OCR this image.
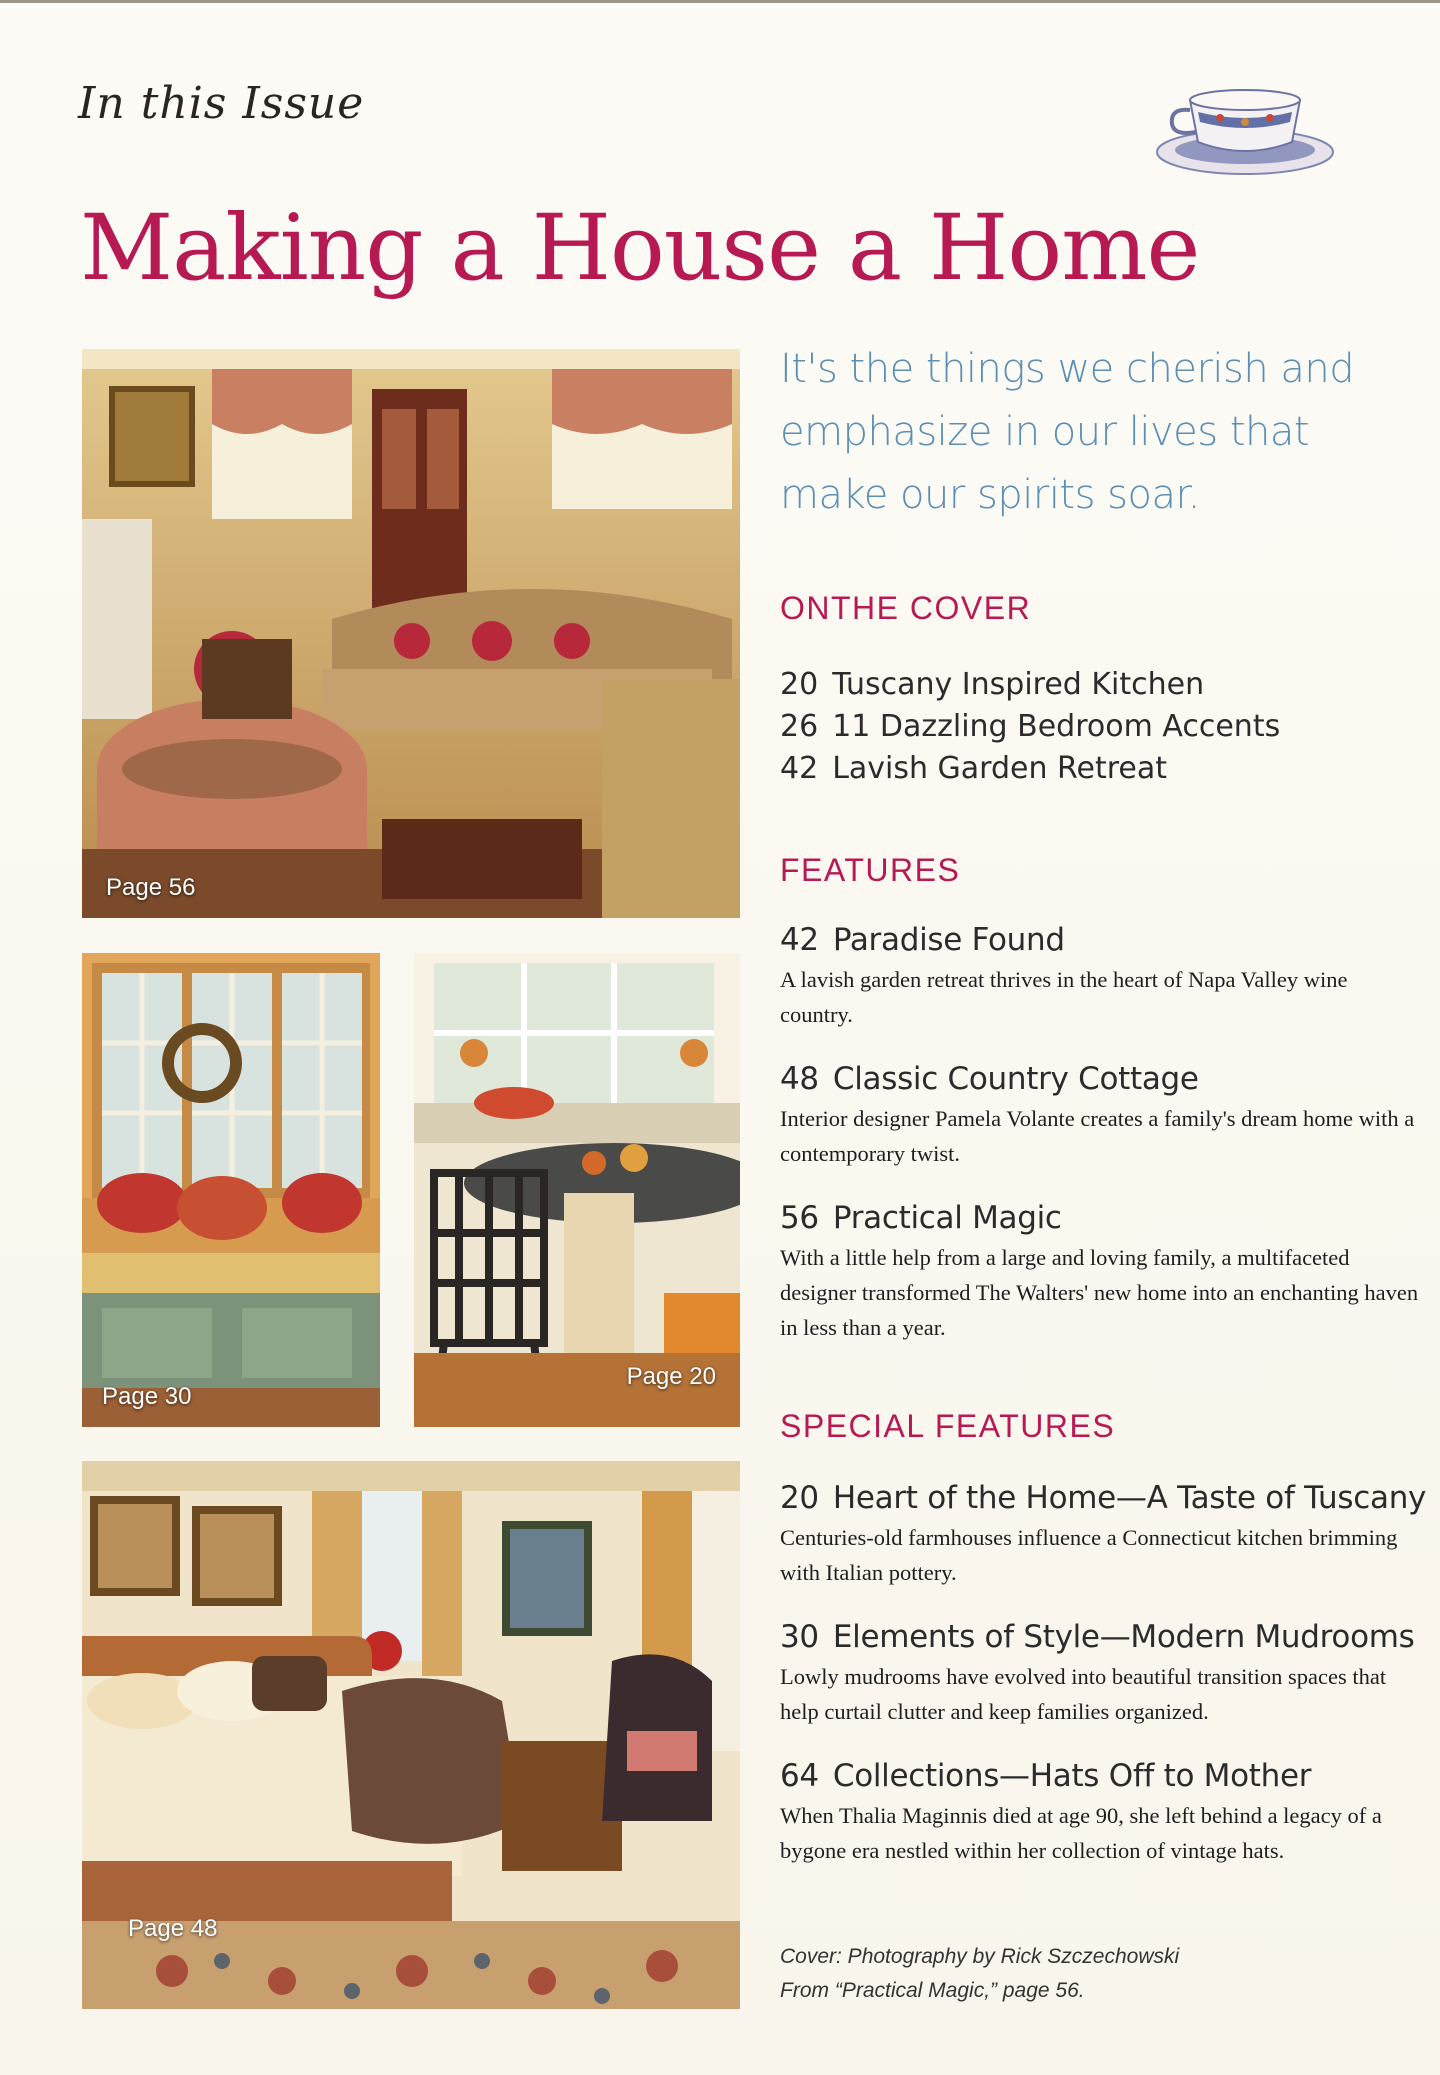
In this Issue
Making a House a Home
Page 56
Page 30
Page 20
Page 48
It's the things we cherish and emphasize in our lives that make our spirits soar.
ONTHE COVER
20 Tuscany Inspired Kitchen
26 11 Dazzling Bedroom Accents
42 Lavish Garden Retreat
FEATURES
42 Paradise Found
A lavish garden retreat thrives in the heart of Napa Valley wine country.
48 Classic Country Cottage
Interior designer Pamela Volante creates a family's dream home with a contemporary twist.
56 Practical Magic
With a little help from a large and loving family, a multifaceted designer transformed The Walters' new home into an enchanting haven in less than a year.
SPECIAL FEATURES
20 Heart of the Home—A Taste of Tuscany
Centuries-old farmhouses influence a Connecticut kitchen brimming with Italian pottery.
30 Elements of Style—Modern Mudrooms
Lowly mudrooms have evolved into beautiful transition spaces that help curtail clutter and keep families organized.
64 Collections—Hats Off to Mother
When Thalia Maginnis died at age 90, she left behind a legacy of a bygone era nestled within her collection of vintage hats.
Cover: Photography by Rick Szczechowski
From “Practical Magic,” page 56.
